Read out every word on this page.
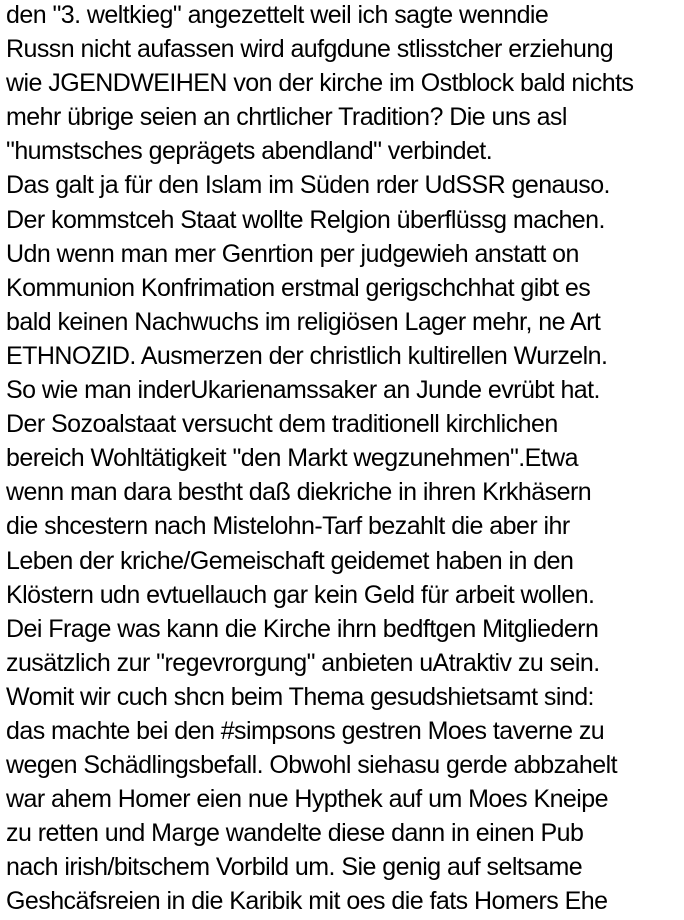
den "3. weltkieg" angezettelt weil ich sagte wenndie
Russn nicht aufassen wird aufgdune stlisstcher erziehung
wie JGENDWEIHEN von der kirche im Ostblock bald nichts
mehr übrige seien an chrtlicher Tradition? Die uns asl
"humstsches geprägets abendland" verbindet.
Das galt ja für den Islam im Süden rder UdSSR genauso.
Der kommstceh Staat wollte Relgion überflüssg machen.
Udn wenn man mer Genrtion per judgewieh anstatt on
Kommunion Konfrimation erstmal gerigschchhat gibt es
bald keinen Nachwuchs im religiösen Lager mehr, ne Art
ETHNOZID. Ausmerzen der christlich kultirellen Wurzeln.
So wie man inderUkarienamssaker an Junde evrübt hat.
Der Sozoalstaat versucht dem traditionell kirchlichen
bereich Wohltätigkeit "den Markt wegzunehmen".Etwa
wenn man dara bestht daß diekriche in ihren Krkhäsern
die shcestern nach Mistelohn-Tarf bezahlt die aber ihr
Leben der kriche/Gemeischaft geidemet haben in den
Klöstern udn evtuellauch gar kein Geld für arbeit wollen.
Dei Frage was kann die Kirche ihrn bedftgen Mitgliedern
zusätzlich zur "regevrorgung" anbieten uAtraktiv zu sein.
Womit wir cuch shcn beim Thema gesudshietsamt sind:
das machte bei den #simpsons gestren Moes taverne zu
wegen Schädlingsbefall. Obwohl siehasu gerde abbzahelt
war ahem Homer eien nue Hypthek auf um Moes Kneipe
zu retten und Marge wandelte diese dann in einen Pub
nach irish/bitschem Vorbild um. Sie genig auf seltsame
Geshcäfsreien in die Karibik mit oes die fats Homers Ehe
